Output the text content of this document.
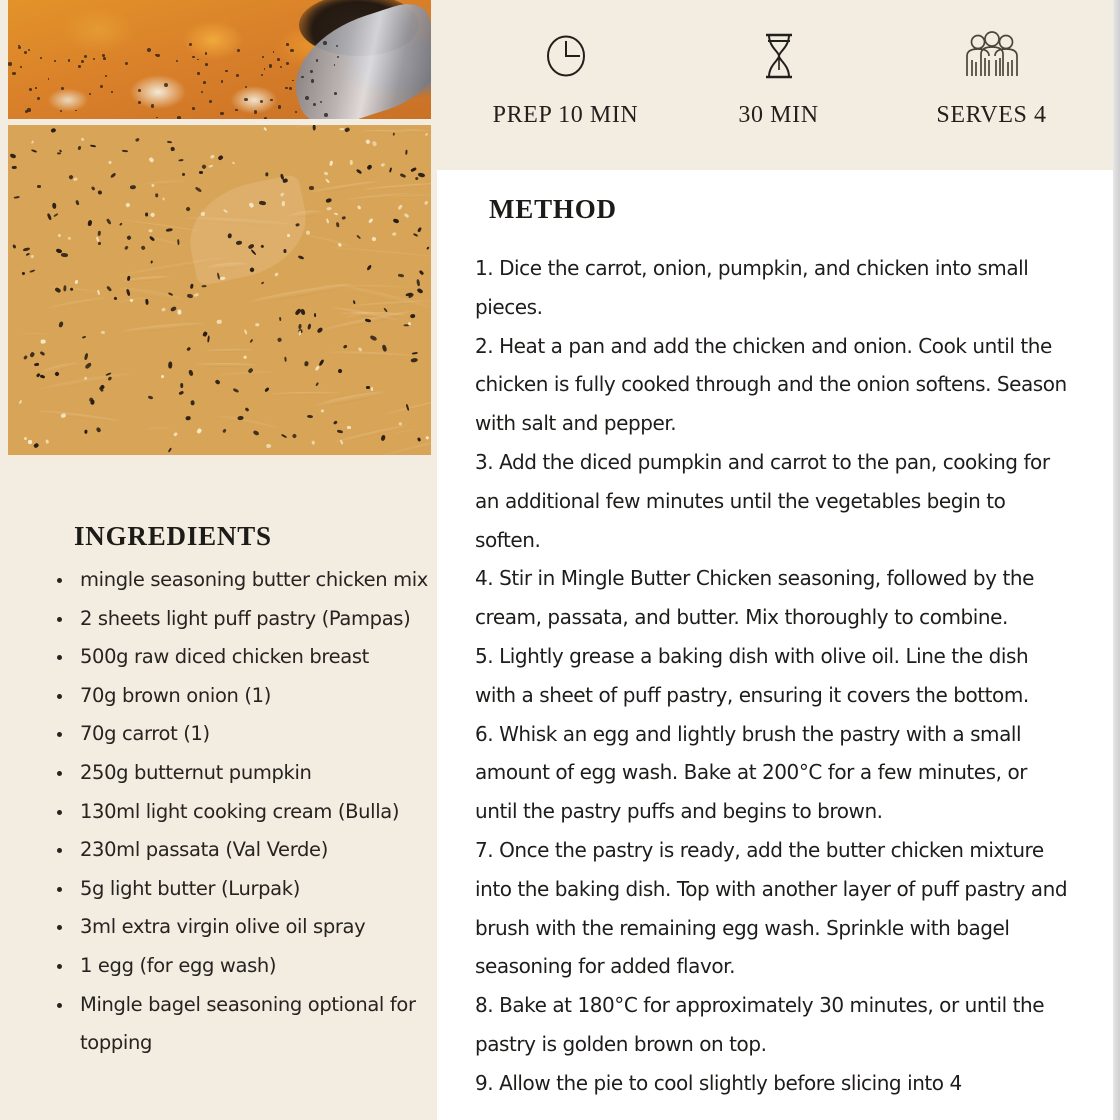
INGREDIENTS
mingle seasoning butter chicken mix
2 sheets light puff pastry (Pampas)
500g raw diced chicken breast
70g brown onion (1)
70g carrot (1)
250g butternut pumpkin
130ml light cooking cream (Bulla)
230ml passata (Val Verde)
5g light butter (Lurpak)
3ml extra virgin olive oil spray
1 egg (for egg wash)
Mingle bagel seasoning optional for topping
PREP 10 MIN	30 MIN	SERVES 4
METHOD
1. Dice the carrot, onion, pumpkin, and chicken into small pieces.
2. Heat a pan and add the chicken and onion. Cook until the chicken is fully cooked through and the onion softens. Season with salt and pepper.
3. Add the diced pumpkin and carrot to the pan, cooking for an additional few minutes until the vegetables begin to soften.
4. Stir in Mingle Butter Chicken seasoning, followed by the cream, passata, and butter. Mix thoroughly to combine.
5. Lightly grease a baking dish with olive oil. Line the dish with a sheet of puff pastry, ensuring it covers the bottom.
6. Whisk an egg and lightly brush the pastry with a small amount of egg wash. Bake at 200°C for a few minutes, or until the pastry puffs and begins to brown.
7. Once the pastry is ready, add the butter chicken mixture into the baking dish. Top with another layer of puff pastry and brush with the remaining egg wash. Sprinkle with bagel seasoning for added flavor.
8. Bake at 180°C for approximately 30 minutes, or until the pastry is golden brown on top.
9. Allow the pie to cool slightly before slicing into 4
